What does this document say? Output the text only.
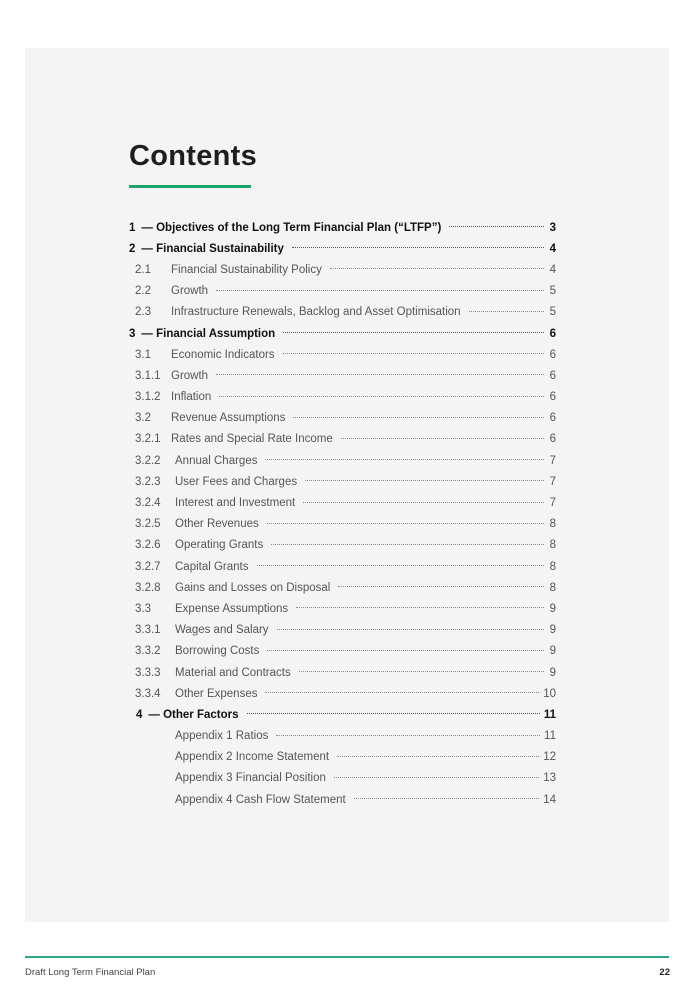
Contents
1 — Objectives of the Long Term Financial Plan (“LTFP”)	3
2 — Financial Sustainability	4
2.1	Financial Sustainability Policy	4
2.2	Growth	5
2.3	Infrastructure Renewals, Backlog and Asset Optimisation	5
3 — Financial Assumption	6
3.1	Economic Indicators	6
3.1.1 Growth	6
3.1.2 Inflation	6
3.2	Revenue Assumptions	6
3.2.1 Rates and Special Rate Income	6
3.2.2	Annual Charges	7
3.2.3	User Fees and Charges	7
3.2.4	Interest and Investment	7
3.2.5	Other Revenues	8
3.2.6	Operating Grants	8
3.2.7	Capital Grants	8
3.2.8	Gains and Losses on Disposal	8
3.3	Expense Assumptions	9
3.3.1	Wages and Salary	9
3.3.2	Borrowing Costs	9
3.3.3	Material and Contracts	9
3.3.4	Other Expenses	10
4 — Other Factors	11
Appendix 1 Ratios	11
Appendix 2 Income Statement	12
Appendix 3 Financial Position	13
Appendix 4 Cash Flow Statement	14
Draft Long Term Financial Plan	22
